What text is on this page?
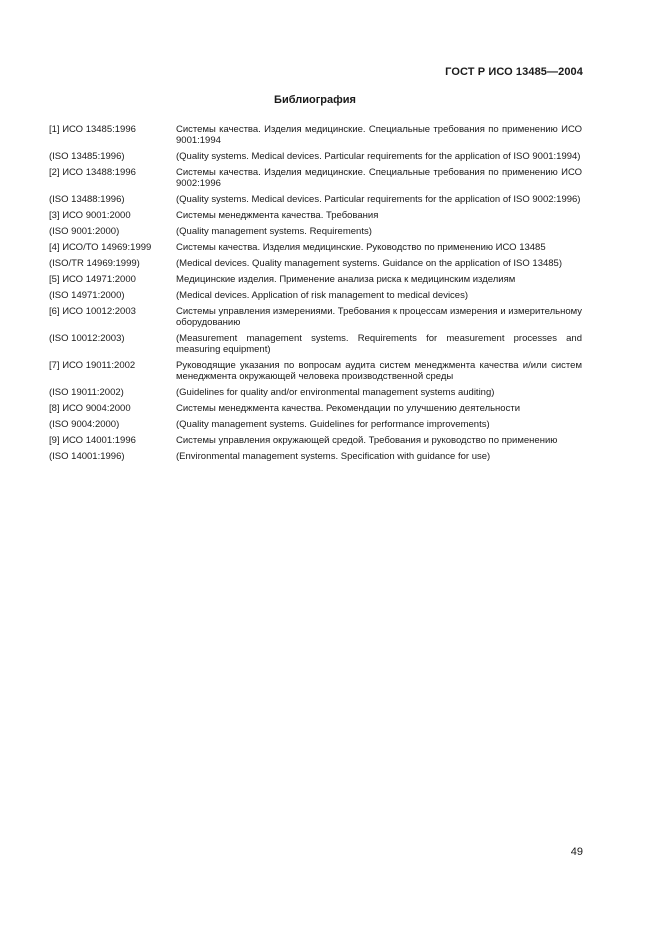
ГОСТ Р ИСО 13485—2004
Библиография
[1] ИСО 13485:1996	Системы качества. Изделия медицинские. Специальные требования по применению ИСО 9001:1994
(ISO 13485:1996)	(Quality systems. Medical devices. Particular requirements for the application of ISO 9001:1994)
[2] ИСО 13488:1996	Системы качества. Изделия медицинские. Специальные требования по применению ИСО 9002:1996
(ISO 13488:1996)	(Quality systems. Medical devices. Particular requirements for the application of ISO 9002:1996)
[3] ИСО 9001:2000	Системы менеджмента качества. Требования
(ISO 9001:2000)	(Quality management systems. Requirements)
[4] ИСО/ТО 14969:1999	Системы качества. Изделия медицинские. Руководство по применению ИСО 13485
(ISO/TR 14969:1999)	(Medical devices. Quality management systems. Guidance on the application of ISO 13485)
[5] ИСО 14971:2000	Медицинские изделия. Применение анализа риска к медицинским изделиям
(ISO 14971:2000)	(Medical devices. Application of risk management to medical devices)
[6] ИСО 10012:2003	Системы управления измерениями. Требования к процессам измерения и измерительному оборудованию
(ISO 10012:2003)	(Measurement management systems. Requirements for measurement processes and measuring equipment)
[7] ИСО 19011:2002	Руководящие указания по вопросам аудита систем менеджмента качества и/или систем менеджмента окружающей человека производственной среды
(ISO 19011:2002)	(Guidelines for quality and/or environmental management systems auditing)
[8] ИСО 9004:2000	Системы менеджмента качества. Рекомендации по улучшению деятельности
(ISO 9004:2000)	(Quality management systems. Guidelines for performance improvements)
[9] ИСО 14001:1996	Системы управления окружающей средой. Требования и руководство по применению
(ISO 14001:1996)	(Environmental management systems. Specification with guidance for use)
49
